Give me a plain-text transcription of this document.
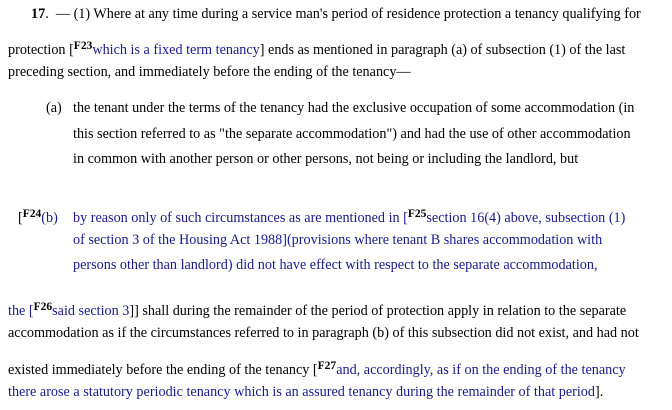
17.  — (1) Where at any time during a service man's period of residence protection a tenancy qualifying for
protection [$^{F23}$which is a fixed term tenancy] ends as mentioned in paragraph (a) of subsection (1) of the last
preceding section, and immediately before the ending of the tenancy—
(a) the tenant under the terms of the tenancy had the exclusive occupation of some accommodation (in
this section referred to as "the separate accommodation") and had the use of other accommodation
in common with another person or other persons, not being or including the landlord, but
[$^{F24}$(b) by reason only of such circumstances as are mentioned in [$^{F25}$section 16(4) above, subsection (1)
of section 3 of the Housing Act 1988](provisions where tenant B shares accommodation with
persons other than landlord) did not have effect with respect to the separate accommodation,
the [$^{F26}$said section 3]] shall during the remainder of the period of protection apply in relation to the separate
accommodation as if the circumstances referred to in paragraph (b) of this subsection did not exist, and had not
existed immediately before the ending of the tenancy [$^{F27}$and, accordingly, as if on the ending of the tenancy
there arose a statutory periodic tenancy which is an assured tenancy during the remainder of that period].
